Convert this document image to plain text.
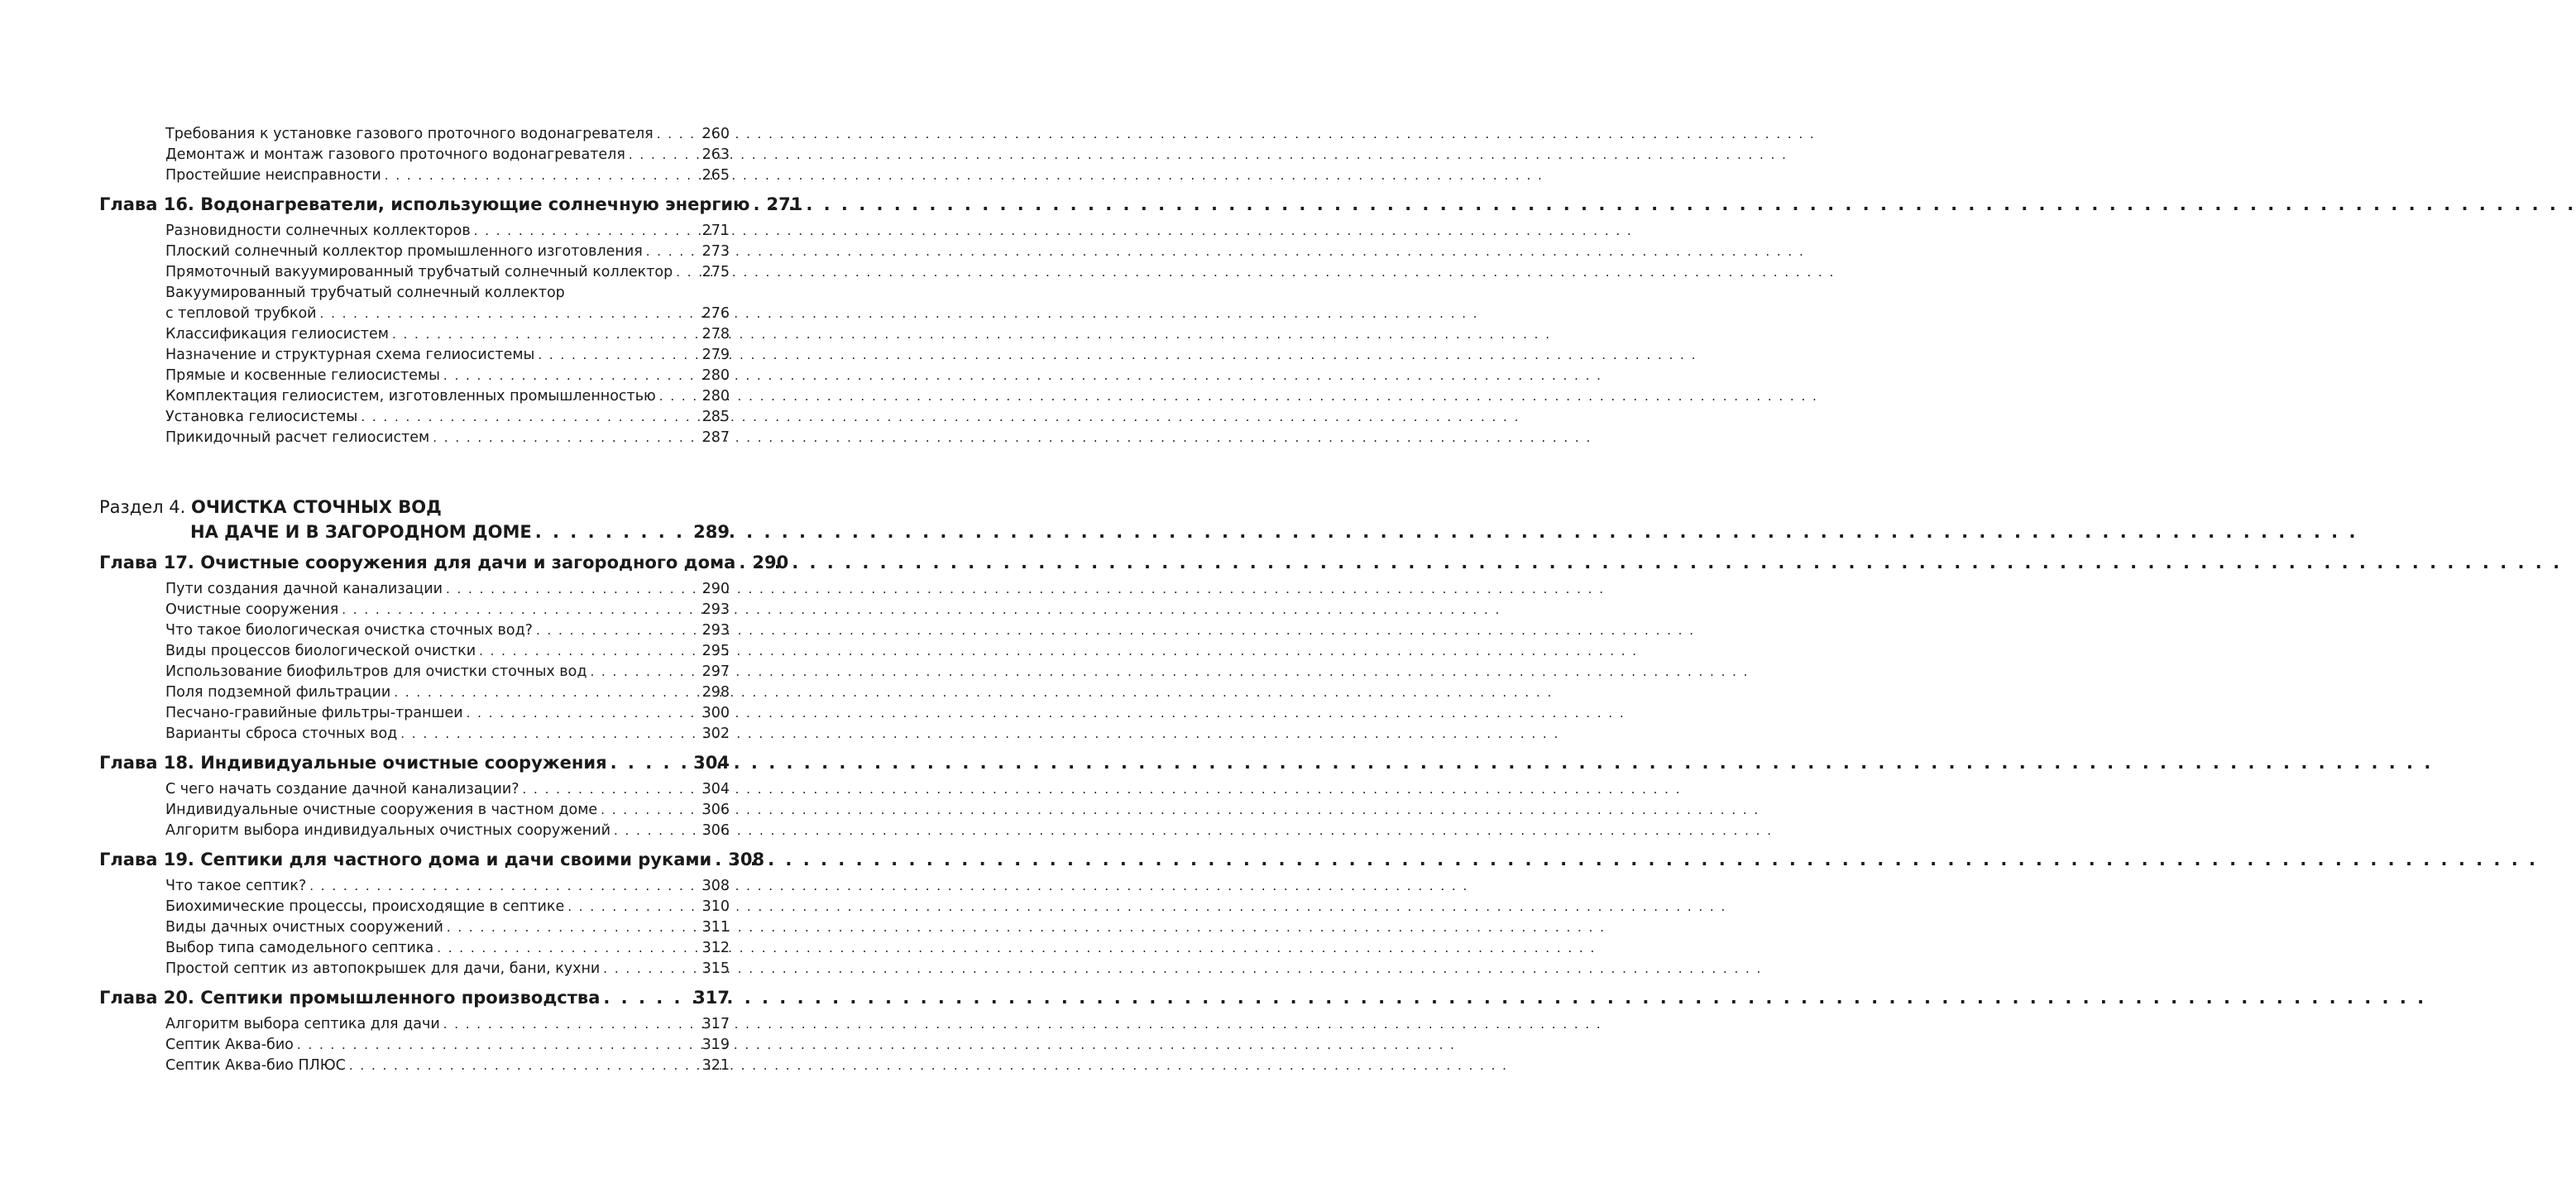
Требования к установке газового проточного водонагревателя . . .	260
Демонтаж и монтаж газового проточного водонагревателя . . .	263
Простейшие неисправности . . .	265
Глава 16. Водонагреватели, использующие солнечную энергию . . . 271
Разновидности солнечных коллекторов . . .	271
Плоский солнечный коллектор промышленного изготовления . . .	273
Прямоточный вакуумированный трубчатый солнечный коллектор . . . 275
Вакуумированный трубчатый солнечный коллектор
с тепловой трубкой . . .	276
Классификация гелиосистем . . .	278
Назначение и структурная схема гелиосистемы . . .	279
Прямые и косвенные гелиосистемы . . .	280
Комплектация гелиосистем, изготовленных промышленностью . . .	280
Установка гелиосистемы . . .	285
Прикидочный расчет гелиосистем . . .	287
Раздел 4. ОЧИСТКА СТОЧНЫХ ВОД
НА ДАЧЕ И В ЗАГОРОДНОМ ДОМЕ . . .	289
Глава 17. Очистные сооружения для дачи и загородного дома . . . 290
Пути создания дачной канализации . . .	290
Очистные сооружения . . .	293
Что такое биологическая очистка сточных вод? . . .	293
Виды процессов биологической очистки . . .	295
Использование биофильтров для очистки сточных вод . . .	297
Поля подземной фильтрации . . .	298
Песчано-гравийные фильтры-траншеи . . .	300
Варианты сброса сточных вод . . .	302
Глава 18. Индивидуальные очистные сооружения . . .	304
С чего начать создание дачной канализации? . . .	304
Индивидуальные очистные сооружения в частном доме . . .	306
Алгоритм выбора индивидуальных очистных сооружений . . .	306
Глава 19. Септики для частного дома и дачи своими руками . . . 308
Что такое септик? . . .	308
Биохимические процессы, происходящие в септике . . .	310
Виды дачных очистных сооружений . . .	311
Выбор типа самодельного септика . . .	312
Простой септик из автопокрышек для дачи, бани, кухни . . .	315
Глава 20. Септики промышленного производства . . .	317
Алгоритм выбора септика для дачи . . .	317
Септик Аква-био . . .	319
Септик Аква-био ПЛЮС . . .	321
